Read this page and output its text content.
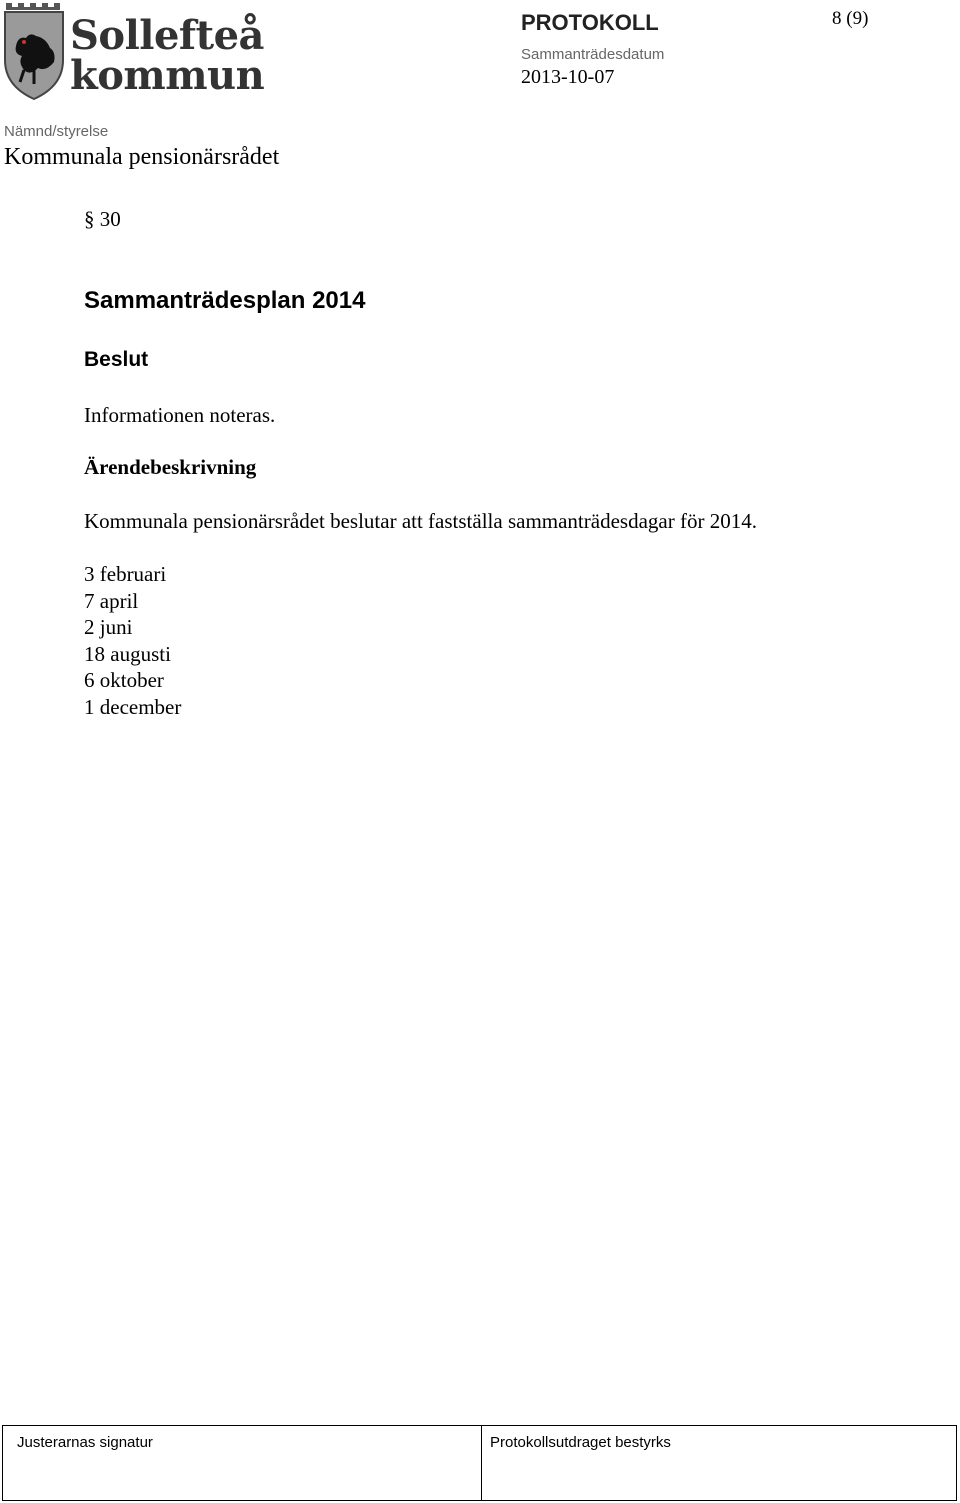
Sollefteå
kommun
PROTOKOLL	8 (9)
Sammanträdesdatum
2013-10-07
Nämnd/styrelse
Kommunala pensionärsrådet
§ 30
Sammanträdesplan 2014
Beslut
Informationen noteras.
Ärendebeskrivning
Kommunala pensionärsrådet beslutar att fastställa sammanträdesdagar för 2014.
3 februari
7 april
2 juni
18 augusti
6 oktober
1 december
Justerarnas signatur	Protokollsutdraget bestyrks
